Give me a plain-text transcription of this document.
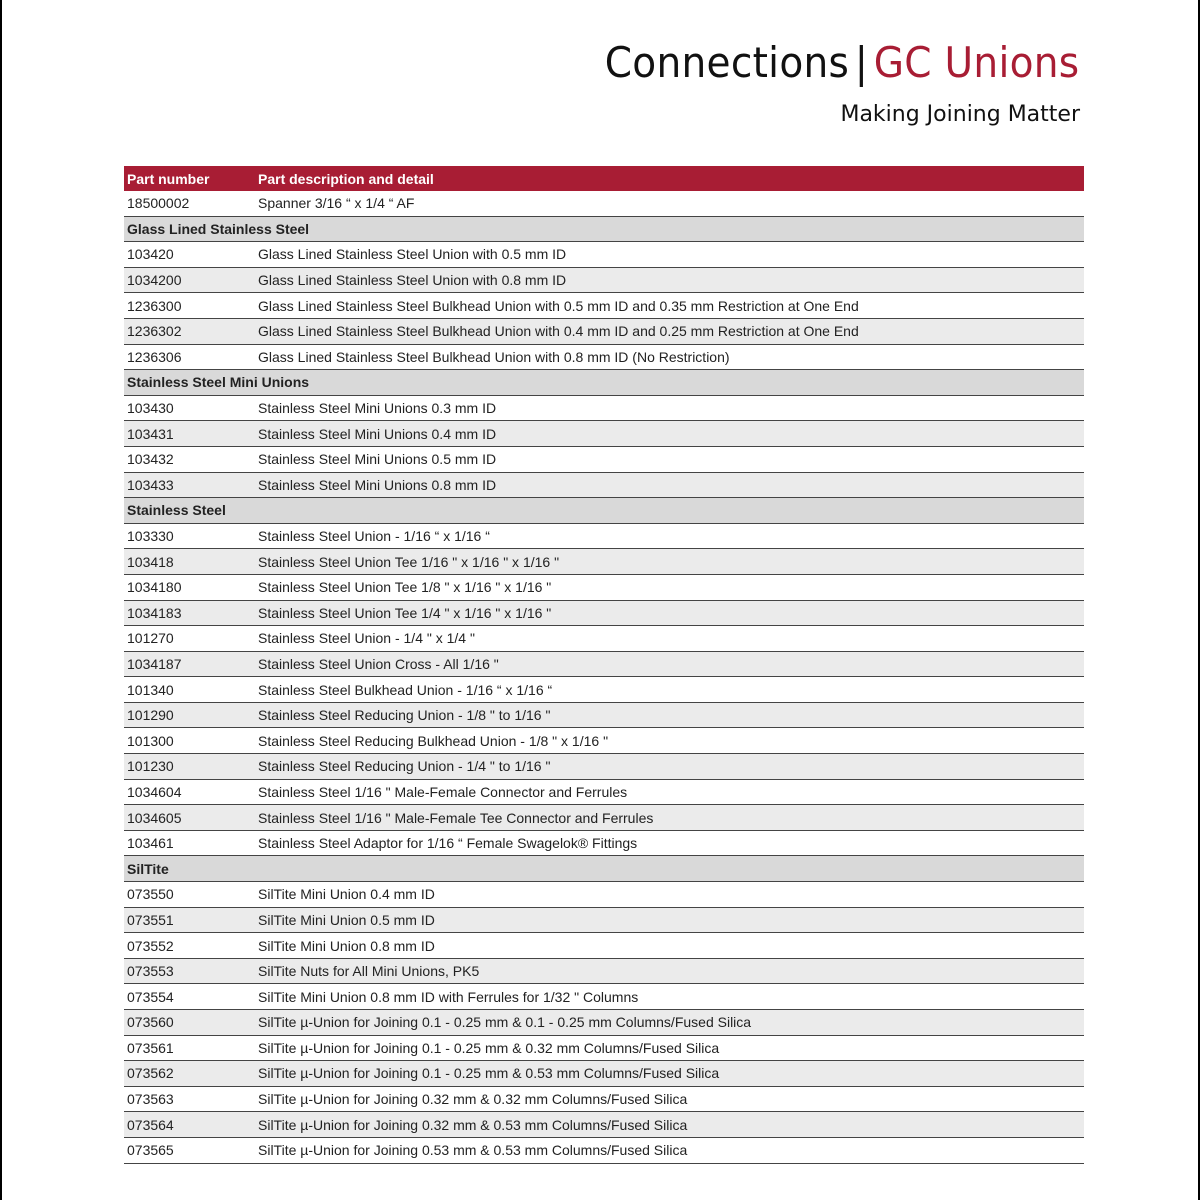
Connections | GC Unions
Making Joining Matter
Part number	Part description and detail
18500002	Spanner 3/16 “ x 1/4 “ AF
Glass Lined Stainless Steel	
103420	Glass Lined Stainless Steel Union with 0.5 mm ID
1034200	Glass Lined Stainless Steel Union with 0.8 mm ID
1236300	Glass Lined Stainless Steel Bulkhead Union with 0.5 mm ID and 0.35 mm Restriction at One End
1236302	Glass Lined Stainless Steel Bulkhead Union with 0.4 mm ID and 0.25 mm Restriction at One End
1236306	Glass Lined Stainless Steel Bulkhead Union with 0.8 mm ID (No Restriction)
Stainless Steel Mini Unions	
103430	Stainless Steel Mini Unions 0.3 mm ID
103431	Stainless Steel Mini Unions 0.4 mm ID
103432	Stainless Steel Mini Unions 0.5 mm ID
103433	Stainless Steel Mini Unions 0.8 mm ID
Stainless Steel	
103330	Stainless Steel Union - 1/16 “ x 1/16 “
103418	Stainless Steel Union Tee 1/16 " x 1/16 " x 1/16 "
1034180	Stainless Steel Union Tee 1/8 " x 1/16 " x 1/16 "
1034183	Stainless Steel Union Tee 1/4 " x 1/16 " x 1/16 "
101270	Stainless Steel Union - 1/4 " x 1/4 "
1034187	Stainless Steel Union Cross - All 1/16 "
101340	Stainless Steel Bulkhead Union - 1/16 “ x 1/16 “
101290	Stainless Steel Reducing Union - 1/8 " to 1/16 "
101300	Stainless Steel Reducing Bulkhead Union - 1/8 " x 1/16 "
101230	Stainless Steel Reducing Union - 1/4 " to 1/16 "
1034604	Stainless Steel 1/16 " Male-Female Connector and Ferrules
1034605	Stainless Steel 1/16 " Male-Female Tee Connector and Ferrules
103461	Stainless Steel Adaptor for 1/16 “ Female Swagelok® Fittings
SilTite	
073550	SilTite Mini Union 0.4 mm ID
073551	SilTite Mini Union 0.5 mm ID
073552	SilTite Mini Union 0.8 mm ID
073553	SilTite Nuts for All Mini Unions, PK5
073554	SilTite Mini Union 0.8 mm ID with Ferrules for 1/32 " Columns
073560	SilTite µ-Union for Joining 0.1 - 0.25 mm & 0.1 - 0.25 mm Columns/Fused Silica
073561	SilTite µ-Union for Joining 0.1 - 0.25 mm & 0.32 mm Columns/Fused Silica
073562	SilTite µ-Union for Joining 0.1 - 0.25 mm & 0.53 mm Columns/Fused Silica
073563	SilTite µ-Union for Joining 0.32 mm & 0.32 mm Columns/Fused Silica
073564	SilTite µ-Union for Joining 0.32 mm & 0.53 mm Columns/Fused Silica
073565	SilTite µ-Union for Joining 0.53 mm & 0.53 mm Columns/Fused Silica
